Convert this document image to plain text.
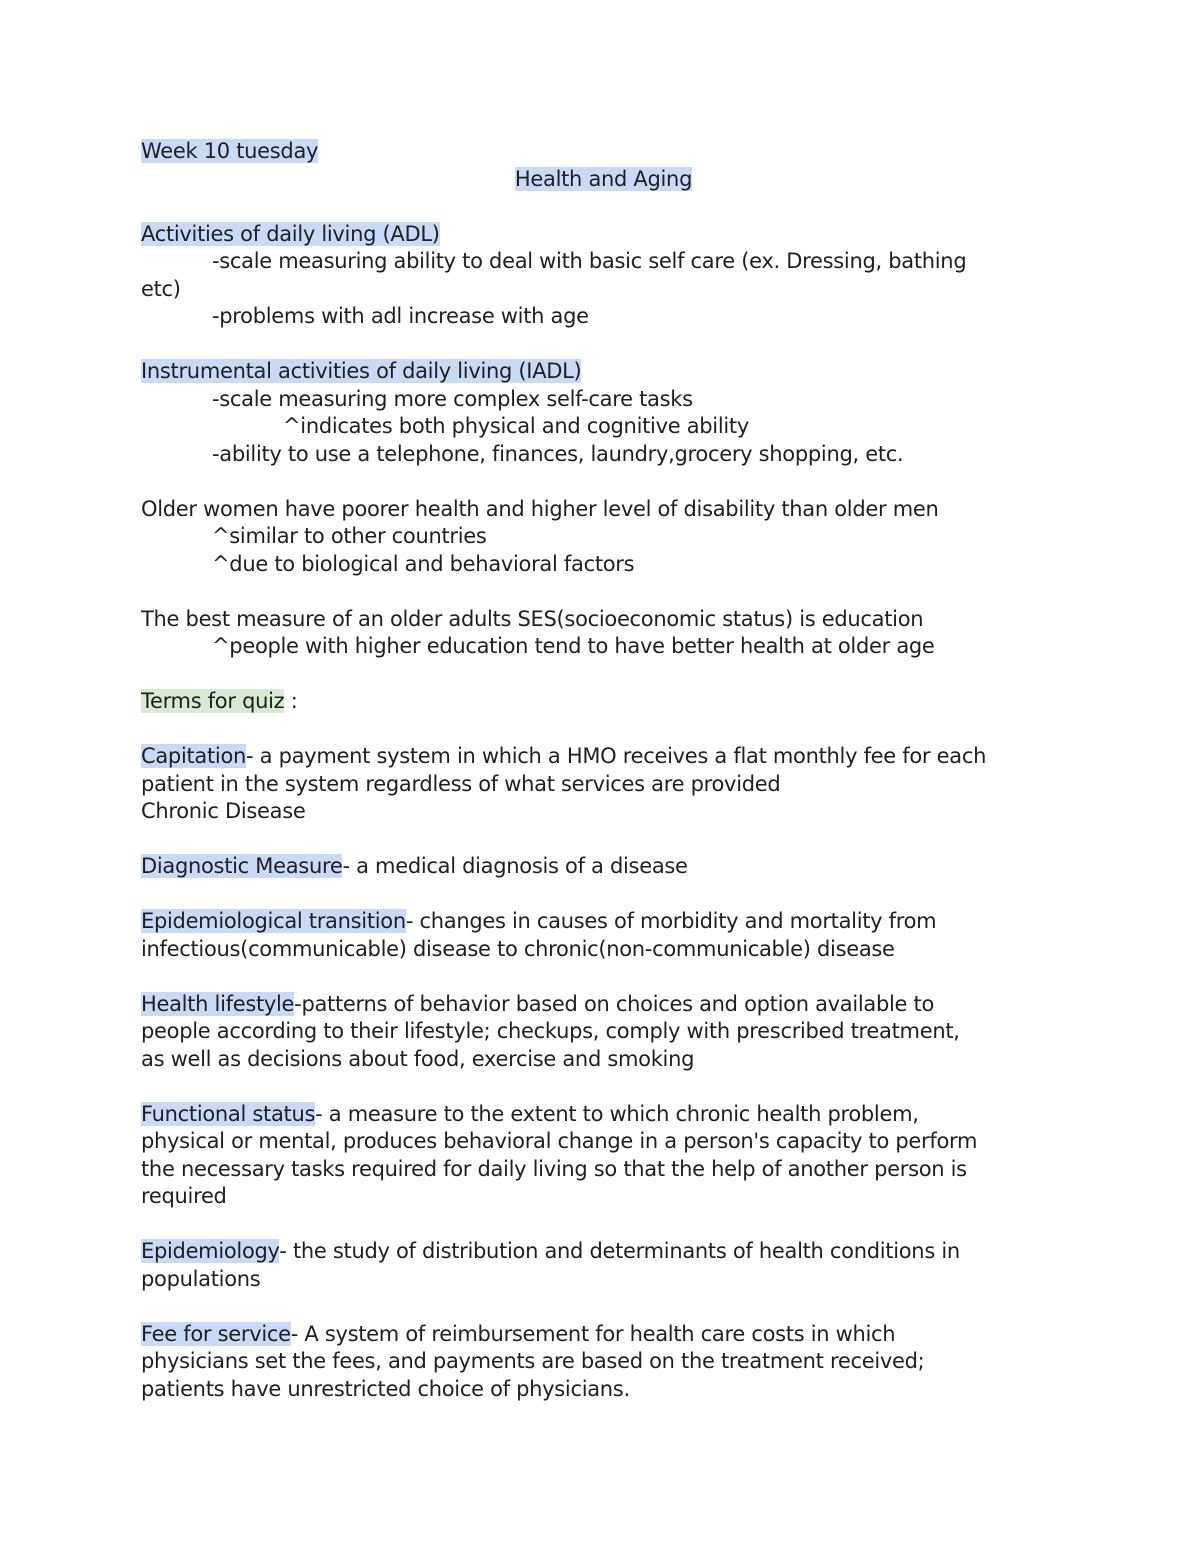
Week 10 tuesday
Health and Aging
Activities of daily living (ADL)
-scale measuring ability to deal with basic self care (ex. Dressing, bathing
etc)
-problems with adl increase with age
Instrumental activities of daily living (IADL)
-scale measuring more complex self-care tasks
^indicates both physical and cognitive ability
-ability to use a telephone, finances, laundry,grocery shopping, etc.
Older women have poorer health and higher level of disability than older men
^similar to other countries
^due to biological and behavioral factors
The best measure of an older adults SES(socioeconomic status) is education
^people with higher education tend to have better health at older age
Terms for quiz :
Capitation- a payment system in which a HMO receives a flat monthly fee for each
patient in the system regardless of what services are provided
Chronic Disease
Diagnostic Measure- a medical diagnosis of a disease
Epidemiological transition- changes in causes of morbidity and mortality from
infectious(communicable) disease to chronic(non-communicable) disease
Health lifestyle-patterns of behavior based on choices and option available to
people according to their lifestyle; checkups, comply with prescribed treatment,
as well as decisions about food, exercise and smoking
Functional status- a measure to the extent to which chronic health problem,
physical or mental, produces behavioral change in a person's capacity to perform
the necessary tasks required for daily living so that the help of another person is
required
Epidemiology- the study of distribution and determinants of health conditions in
populations
Fee for service- A system of reimbursement for health care costs in which
physicians set the fees, and payments are based on the treatment received;
patients have unrestricted choice of physicians.
